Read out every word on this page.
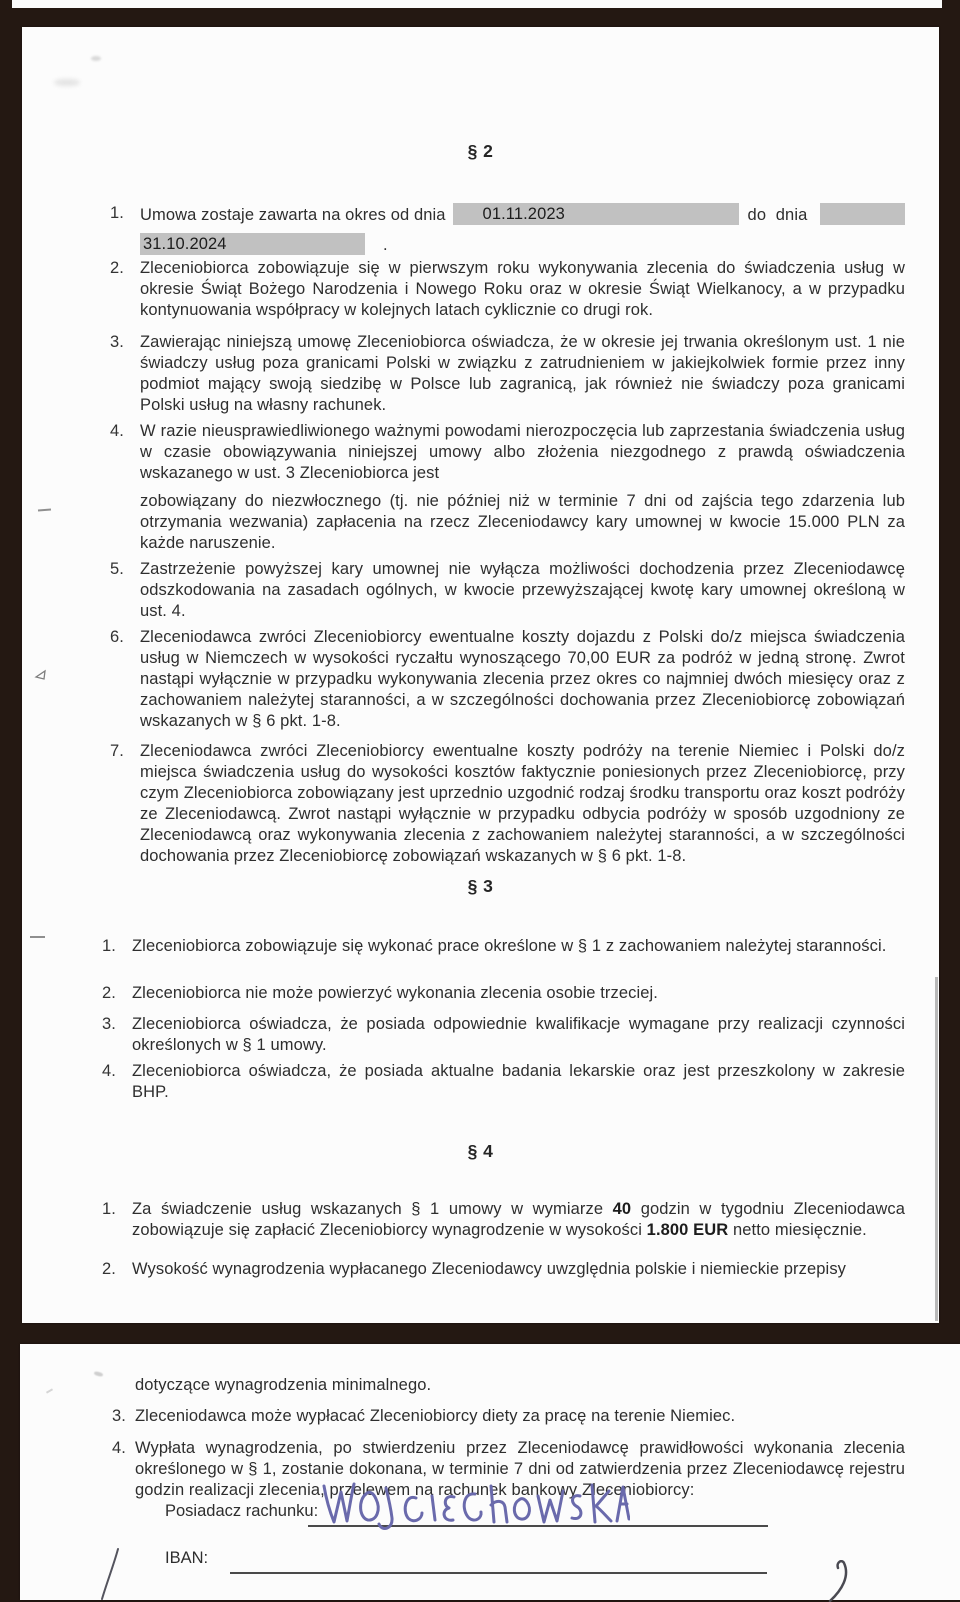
§ 2
1. Umowa zostaje zawarta na okres od dnia	01.11.2023	do dnia
31.10.2024	.
2. Zleceniobiorca zobowiązuje się w pierwszym roku wykonywania zlecenia do świadczenia usług w okresie Świąt Bożego Narodzenia i Nowego Roku oraz w okresie Świąt Wielkanocy, a w przypadku kontynuowania współpracy w kolejnych latach cyklicznie co drugi rok.
3. Zawierając niniejszą umowę Zleceniobiorca oświadcza, że w okresie jej trwania określonym ust. 1 nie świadczy usług poza granicami Polski w związku z zatrudnieniem w jakiejkolwiek formie przez inny podmiot mający swoją siedzibę w Polsce lub zagranicą, jak również nie świadczy poza granicami Polski usług na własny rachunek.
4. W razie nieusprawiedliwionego ważnymi powodami nierozpoczęcia lub zaprzestania świadczenia usług w czasie obowiązywania niniejszej umowy albo złożenia niezgodnego z prawdą oświadczenia wskazanego w ust. 3 Zleceniobiorca jest
zobowiązany do niezwłocznego (tj. nie później niż w terminie 7 dni od zajścia tego zdarzenia lub otrzymania wezwania) zapłacenia na rzecz Zleceniodawcy kary umownej w kwocie 15.000 PLN za każde naruszenie.
5. Zastrzeżenie powyższej kary umownej nie wyłącza możliwości dochodzenia przez Zleceniodawcę odszkodowania na zasadach ogólnych, w kwocie przewyższającej kwotę kary umownej określoną w ust. 4.
6. Zleceniodawca zwróci Zleceniobiorcy ewentualne koszty dojazdu z Polski do/z miejsca świadczenia usług w Niemczech w wysokości ryczałtu wynoszącego 70,00 EUR za podróż w jedną stronę. Zwrot nastąpi wyłącznie w przypadku wykonywania zlecenia przez okres co najmniej dwóch miesięcy oraz z zachowaniem należytej staranności, a w szczególności dochowania przez Zleceniobiorcę zobowiązań wskazanych w § 6 pkt. 1-8.
7. Zleceniodawca zwróci Zleceniobiorcy ewentualne koszty podróży na terenie Niemiec i Polski do/z miejsca świadczenia usług do wysokości kosztów faktycznie poniesionych przez Zleceniobiorcę, przy czym Zleceniobiorca zobowiązany jest uprzednio uzgodnić rodzaj środku transportu oraz koszt podróży ze Zleceniodawcą. Zwrot nastąpi wyłącznie w przypadku odbycia podróży w sposób uzgodniony ze Zleceniodawcą oraz wykonywania zlecenia z zachowaniem należytej staranności, a w szczególności dochowania przez Zleceniobiorcę zobowiązań wskazanych w § 6 pkt. 1-8.
§ 3
1. Zleceniobiorca zobowiązuje się wykonać prace określone w § 1 z zachowaniem należytej staranności.
2. Zleceniobiorca nie może powierzyć wykonania zlecenia osobie trzeciej.
3. Zleceniobiorca oświadcza, że posiada odpowiednie kwalifikacje wymagane przy realizacji czynności określonych w § 1 umowy.
4. Zleceniobiorca oświadcza, że posiada aktualne badania lekarskie oraz jest przeszkolony w zakresie BHP.
§ 4
1. Za świadczenie usług wskazanych § 1 umowy w wymiarze 40 godzin w tygodniu Zleceniodawca zobowiązuje się zapłacić Zleceniobiorcy wynagrodzenie w wysokości 1.800 EUR netto miesięcznie.
2. Wysokość wynagrodzenia wypłacanego Zleceniodawcy uwzględnia polskie i niemieckie przepisy
dotyczące wynagrodzenia minimalnego.
3. Zleceniodawca może wypłacać Zleceniobiorcy diety za pracę na terenie Niemiec.
4. Wypłata wynagrodzenia, po stwierdzeniu przez Zleceniodawcę prawidłowości wykonania zlecenia określonego w § 1, zostanie dokonana, w terminie 7 dni od zatwierdzenia przez Zleceniodawcę rejestru godzin realizacji zlecenia, przelewem na rachunek bankowy Zleceniobiorcy:
Posiadacz rachunku:
IBAN:
